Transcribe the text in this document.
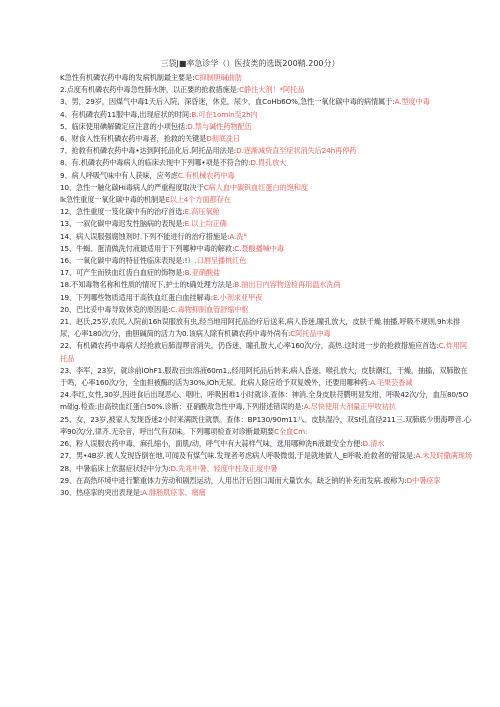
三袋J■率急诊学（）医技类的选既200鞘.200分）
K急性有机磷农药中毒的发病机制最主要是:C抑制胆碱曲肪
2.点度有机磷农药中毒急性肺水肿，以正要的抢救措施是:C静注大剂！*阿托品
3、男，29岁，因煤气中毒1天后入院，深昏迷，休克，尿少，血CoHb6O%,急性一氧化碳中毒的病情属于:A.型度中毒
4、有机磷农药11服中毒,出现症状的时间:B.可在1omin至2h内
5、临床使用碘解磷定应注意的小项包括:D.禁与碱性药物配伍
6、财食入性有机磷农药中毒者，抢救的关键是D彻底洗日
7、抢救有机磷农药中毒•达到阿托品化后.阿托品用法是:D.逐渐减贷直至症状消失后24h再停药
8、有.机磷农药中毒病人的临床去现中下列哪•项是不符合的:D.胃孔放大
9、病人呼吸气味中有人获味，应考虑C.有机械农药中毒
10、急性一触化碳Hi毒病人的严重程度取决于C病人血中碳钒血红蛋白的饱和度
lk急性重度一氧化碳中毒的机制是E以上4个方面都存在
12、急性重度一笈化碳中有的治疗首选:E.高压氧舱
13、一叙化碳中毒迟发性脑病的表现是:E.以上均正确
14、病人误服强腐蚀剂时.下列不能进行的治疗措施是:A.洗°
15、牛蝎、蛋清做洗忖液最适用于下列哪种中毒的解救:C.聂酸播喊中毒
16、一氧化碳中毒的特征性临床表现是:!）.口唇呈播桃红色
17、可产生而铁血红齿白血症的饰物是:B.亚硝酸盐
18.不知毒物名称和性质的情况下,护士的t确处理方法是:B.抽出日内容物送检再用温水洗尚
19、下列哪些物质适用于高铁血红蛋白血挂解毒:E.小剂求亚甲夜
20、巴比妥中毒导致休克的原因是:C.毒物抑制血管舒缩中枢
21、赵氏,25岁,农民,入院前16h误服放有虫,经当地用阿托品治疗后送来,病人昏迷,瞳孔放大，皮肤干燥.抽播,呼吸不规则,9h未排尿，心率180次/分，曲胆碱简的活力为0.该病人除有机磷农药中毒外尚有:C阿托品中毒
22、有机磷农药中毒病人经抢救后肺湿啰音消失，仍昏迷，瞳孔散大,心率160次/分，高热.这时进一步的抢救措施应首选:C.炸用阿托品
23、李军，23岁，就诊前lOhF1.服敌百虫溶液60m1,,经用阿托品后转来,病人昏迷，喉孔放大，皮肤潮红，干燥，抽搐，双肺散在于鸣，心率160次/分，全血担被酶的活为30%,lOh无尿。此病人除应给予双复娩外，还要用哪种药:A.毛果芸香减
24.李红,女性,30岁,因进食后出现恶心、咽吐、呼吸困难1小时就诊.查体：神消.全身皮肤苻臜明显发绀，呼吸42次/分，血压80/5Om础g.检查:由高铁血红蛋白50%.诊断：亚硝酸敌急性中毒,下列措述错误的是:A.尽快使用大剂量正甲收祜抗
25、女，23岁,被家人发现昏迷2小时来满既住就票。查体：BP130/90m11八。皮肤湿冷，双St孔直径211三.双肺底少册海啰音.心率90次/分,律齐.无杂音，呼出气有双味。下列哪项检查对诊断最期要C全血Cm:
26、粉人误服农药中毒，麻孔缩小，面肌/动，呼气中有大蒜样气味，选用哪种洗Fi液最安全方便:D.清水
27、男•4B岁.被人发现昏倒在地,可闻及有煤气味.发现者考虑病人呼吸微弱,于是就地做人_E呼吸.抢救者的错误是:A.未及时撒满现场
28、中暑临床上依据症状轻中分为:D.先兆中暑、轻度中柱及正度中暑
29、在高热环境中进行繁重体力劳动和剧烈运动，人用出汗后因口渴而大量饮水，缺乏钠的补充而发病.被称为:D中暑痉挛
30、热痉挛的突出表现是:A.腓肠肌痉挛、痛痛
